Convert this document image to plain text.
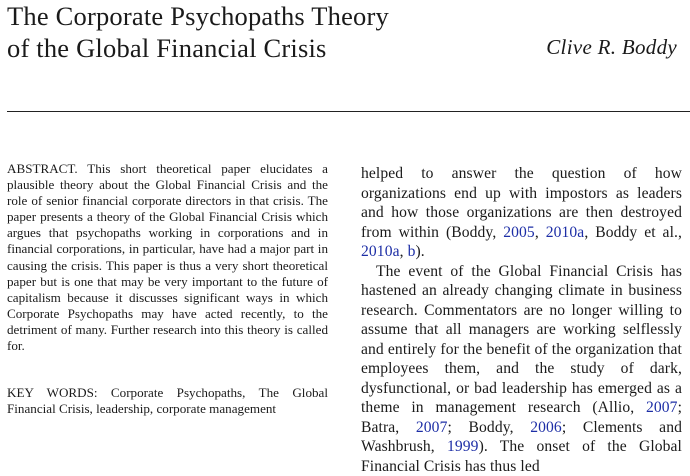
The Corporate Psychopaths Theory
of the Global Financial Crisis	Clive R. Boddy

ABSTRACT. This short theoretical paper elucidates a plausible theory about the Global Financial Crisis and the role of senior financial corporate directors in that crisis. The paper presents a theory of the Global Financial Crisis which argues that psychopaths working in corporations and in financial corporations, in particular, have had a major part in causing the crisis. This paper is thus a very short theoretical paper but is one that may be very important to the future of capitalism because it discusses significant ways in which Corporate Psychopaths may have acted recently, to the detriment of many. Further research into this theory is called for.

KEY WORDS: Corporate Psychopaths, The Global Financial Crisis, leadership, corporate management

helped to answer the question of how organizations end up with impostors as leaders and how those organizations are then destroyed from within (Boddy, 2005, 2010a, Boddy et al., 2010a, b).

The event of the Global Financial Crisis has hastened an already changing climate in business research. Commentators are no longer willing to assume that all managers are working selflessly and entirely for the benefit of the organization that employees them, and the study of dark, dysfunctional, or bad leadership has emerged as a theme in management research (Allio, 2007; Batra, 2007; Boddy, 2006; Clements and Washbrush, 1999). The onset of the Global Financial Crisis has thus led
